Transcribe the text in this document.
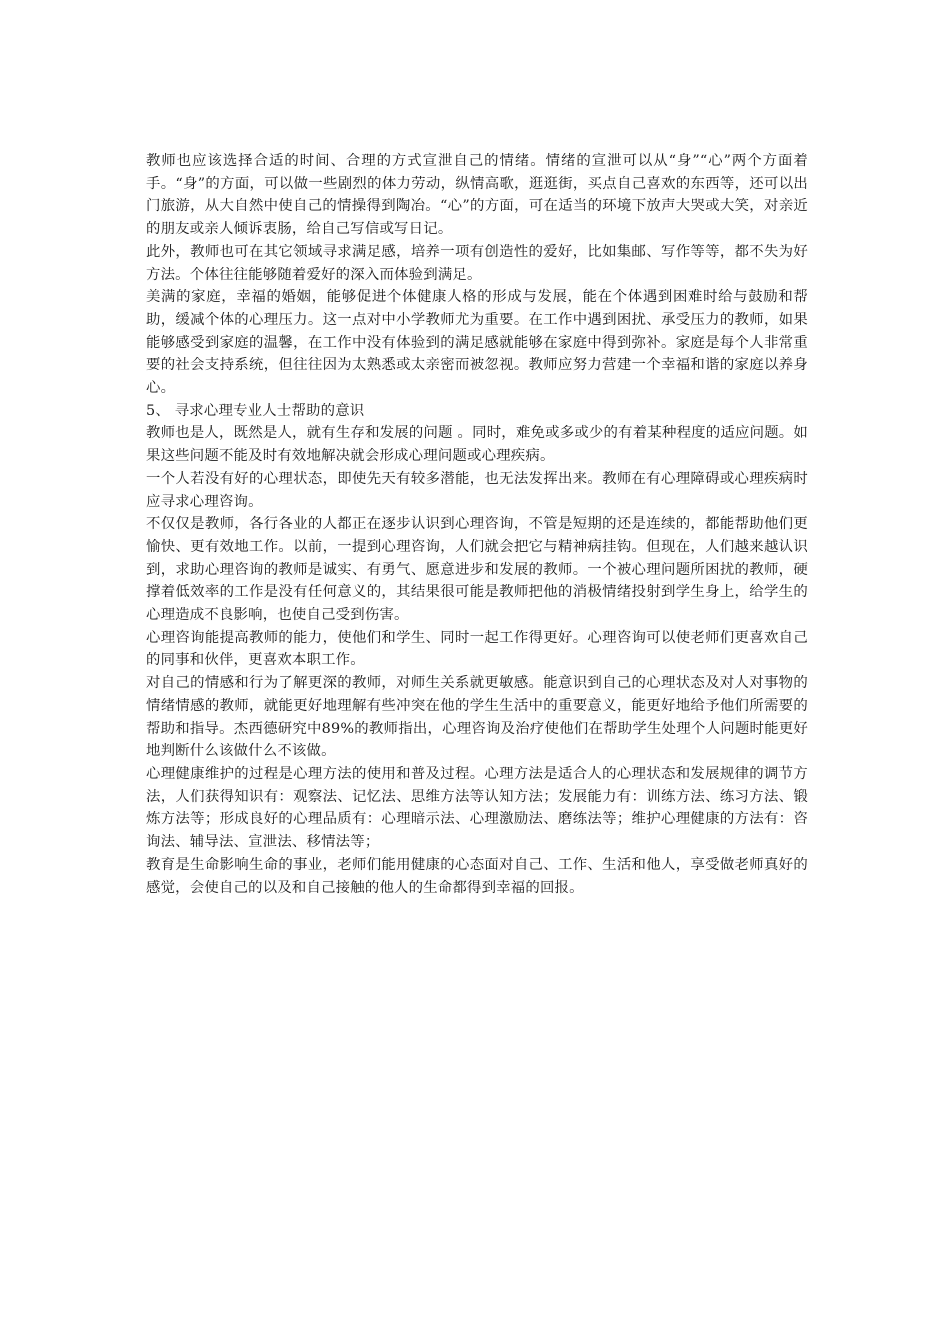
教师也应该选择合适的时间、合理的方式宣泄自己的情绪。情绪的宣泄可以从“身”“心”两个方面着手。“身”的方面，可以做一些剧烈的体力劳动，纵情高歌，逛逛街，买点自己喜欢的东西等，还可以出门旅游，从大自然中使自己的情操得到陶冶。“心”的方面，可在适当的环境下放声大哭或大笑，对亲近的朋友或亲人倾诉衷肠，给自己写信或写日记。

此外，教师也可在其它领域寻求满足感，培养一项有创造性的爱好，比如集邮、写作等等，都不失为好方法。个体往往能够随着爱好的深入而体验到满足。

美满的家庭，幸福的婚姻，能够促进个体健康人格的形成与发展，能在个体遇到困难时给与鼓励和帮助，缓减个体的心理压力。这一点对中小学教师尤为重要。在工作中遇到困扰、承受压力的教师，如果能够感受到家庭的温馨，在工作中没有体验到的满足感就能够在家庭中得到弥补。家庭是每个人非常重要的社会支持系统，但往往因为太熟悉或太亲密而被忽视。教师应努力营建一个幸福和谐的家庭以养身心。

5、 寻求心理专业人士帮助的意识

教师也是人，既然是人，就有生存和发展的问题 。同时，难免或多或少的有着某种程度的适应问题。如果这些问题不能及时有效地解决就会形成心理问题或心理疾病。

一个人若没有好的心理状态，即使先天有较多潜能，也无法发挥出来。教师在有心理障碍或心理疾病时应寻求心理咨询。

不仅仅是教师，各行各业的人都正在逐步认识到心理咨询，不管是短期的还是连续的，都能帮助他们更愉快、更有效地工作。以前，一提到心理咨询，人们就会把它与精神病挂钩。但现在，人们越来越认识到，求助心理咨询的教师是诚实、有勇气、愿意进步和发展的教师。一个被心理问题所困扰的教师，硬撑着低效率的工作是没有任何意义的，其结果很可能是教师把他的消极情绪投射到学生身上，给学生的心理造成不良影响，也使自己受到伤害。

心理咨询能提高教师的能力，使他们和学生、同时一起工作得更好。心理咨询可以使老师们更喜欢自己的同事和伙伴，更喜欢本职工作。

对自己的情感和行为了解更深的教师，对师生关系就更敏感。能意识到自己的心理状态及对人对事物的情绪情感的教师，就能更好地理解有些冲突在他的学生生活中的重要意义，能更好地给予他们所需要的帮助和指导。杰西德研究中89%的教师指出，心理咨询及治疗使他们在帮助学生处理个人问题时能更好地判断什么该做什么不该做。

心理健康维护的过程是心理方法的使用和普及过程。心理方法是适合人的心理状态和发展规律的调节方法，人们获得知识有：观察法、记忆法、思维方法等认知方法；发展能力有：训练方法、练习方法、锻炼方法等；形成良好的心理品质有：心理暗示法、心理激励法、磨练法等；维护心理健康的方法有：咨询法、辅导法、宣泄法、移情法等；

教育是生命影响生命的事业，老师们能用健康的心态面对自己、工作、生活和他人，享受做老师真好的感觉，会使自己的以及和自己接触的他人的生命都得到幸福的回报。
